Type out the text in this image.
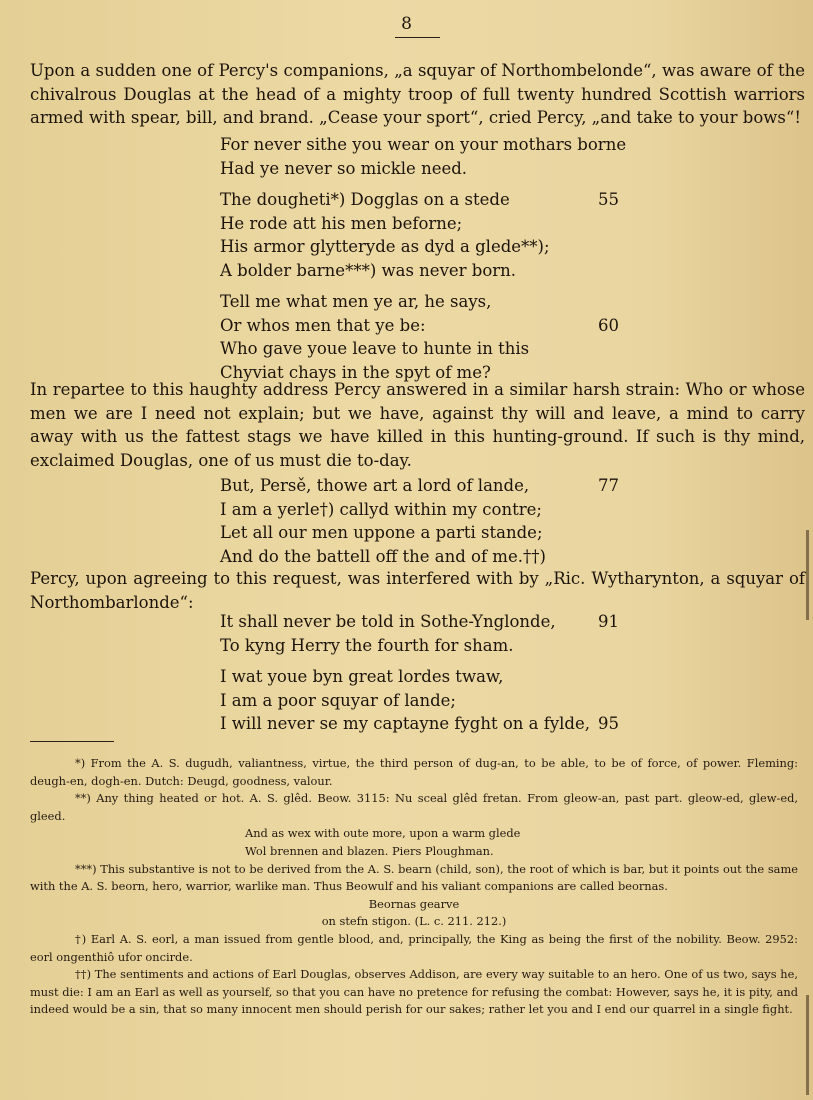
8
Upon a sudden one of Percy's companions, „a squyar of Northombelonde“, was aware of the chivalrous Douglas at the head of a mighty troop of full twenty hundred Scottish warriors armed with spear, bill, and brand. „Cease your sport“, cried Percy, „and take to your bows“!
For never sithe you wear on your mothars borne
Had ye never so mickle need.
The dougheti*) Dogglas on a stede	55
He rode att his men beforne;
His armor glytteryde as dyd a glede**);
A bolder barne***) was never born.
Tell me what men ye ar, he says,
Or whos men that ye be:	60
Who gave youe leave to hunte in this
Chyviat chays in the spyt of me?
In repartee to this haughty address Percy answered in a similar harsh strain: Who or whose men we are I need not explain; but we have, against thy will and leave, a mind to carry away with us the fattest stags we have killed in this hunting-ground. If such is thy mind, exclaimed Douglas, one of us must die to-day.
But, Persě, thowe art a lord of lande,	77
I am a yerle†) callyd within my contre;
Let all our men uppone a parti stande;
And do the battell off the and of me.††)
Percy, upon agreeing to this request, was interfered with by „Ric. Wytharynton, a squyar of Northombarlonde“:
It shall never be told in Sothe-Ynglonde,	91
To kyng Herry the fourth for sham.
I wat youe byn great lordes twaw,
I am a poor squyar of lande;
I will never se my captayne fyght on a fylde, 95
*) From the A. S. dugudh, valiantness, virtue, the third person of dug-an, to be able, to be of force, of power. Fleming: deugh-en, dogh-en. Dutch: Deugd, goodness, valour.
**) Any thing heated or hot. A. S. glêd. Beow. 3115: Nu sceal glêd fretan. From gleow-an, past part. gleow-ed, glew-ed, gleed.
And as wex with oute more, upon a warm glede
Wol brennen and blazen. Piers Ploughman.
***) This substantive is not to be derived from the A. S. bearn (child, son), the root of which is bar, but it points out the same with the A. S. beorn, hero, warrior, warlike man. Thus Beowulf and his valiant companions are called beornas.
Beornas gearve
on stefn stigon. (L. c. 211. 212.)
†) Earl A. S. eorl, a man issued from gentle blood, and, principally, the King as being the first of the nobility. Beow. 2952: eorl ongenthiô ufor oncirde.
††) The sentiments and actions of Earl Douglas, observes Addison, are every way suitable to an hero. One of us two, says he, must die: I am an Earl as well as yourself, so that you can have no pretence for refusing the combat: However, says he, it is pity, and indeed would be a sin, that so many innocent men should perish for our sakes; rather let you and I end our quarrel in a single fight.
